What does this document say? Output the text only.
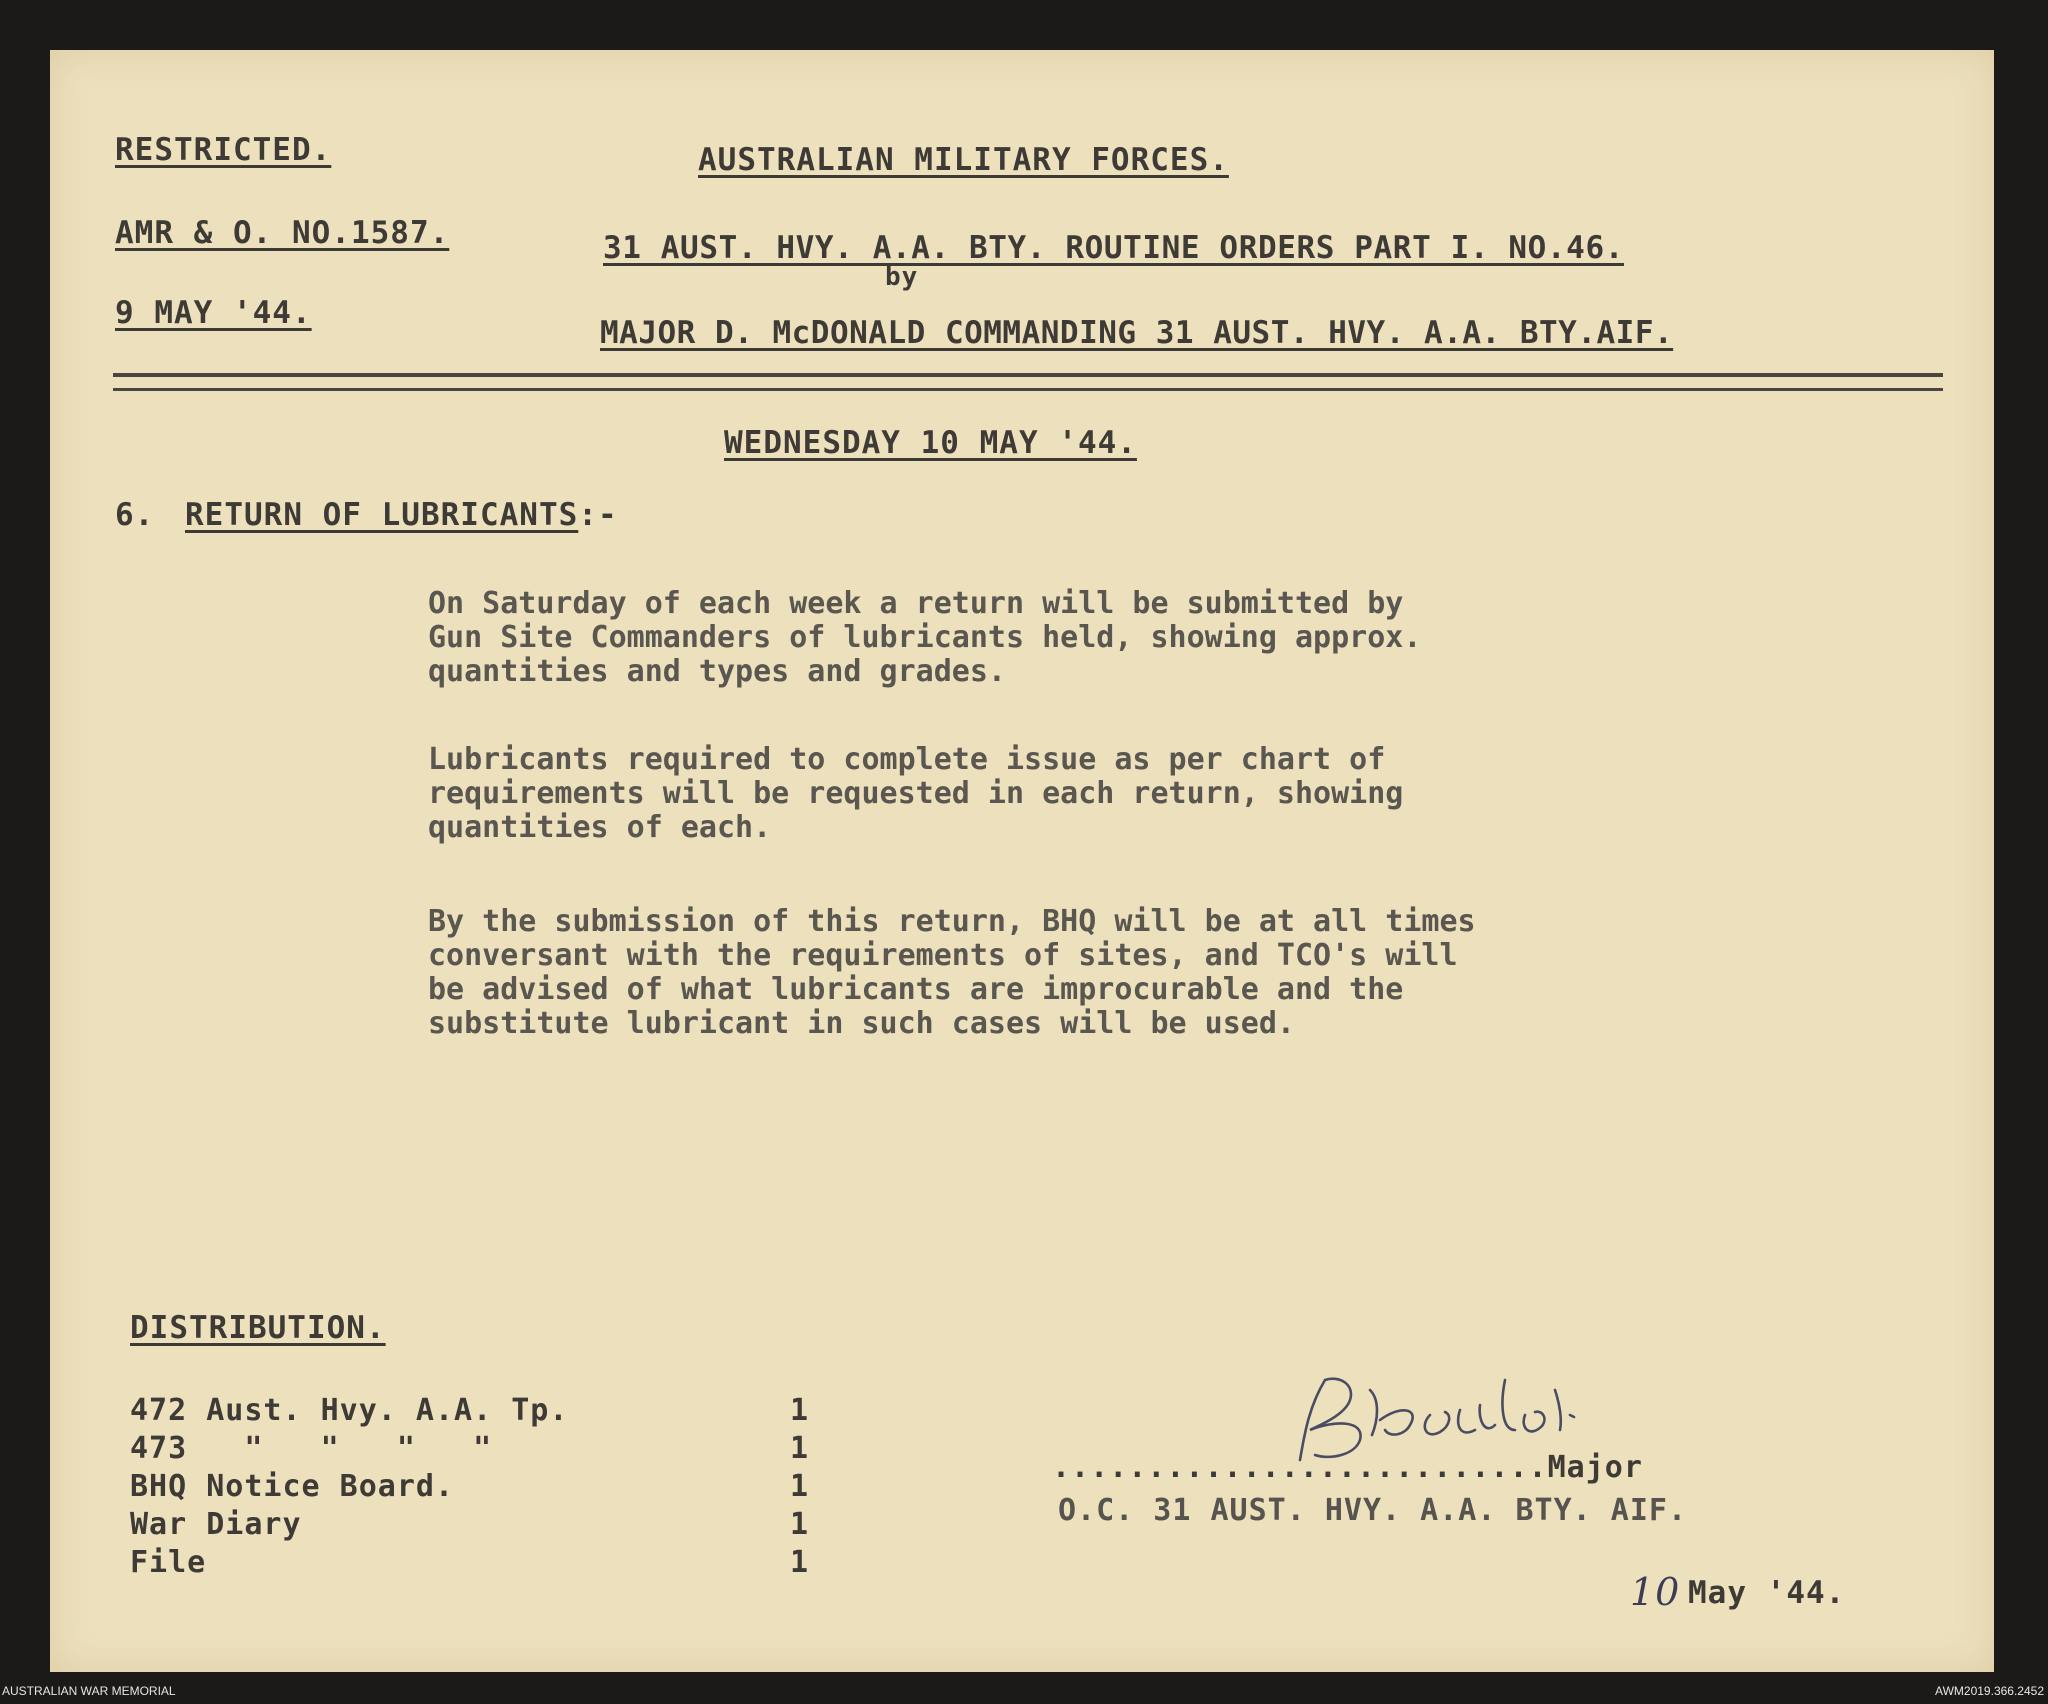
RESTRICTED.	AUSTRALIAN MILITARY FORCES.
AMR & O. NO.1587.	31 AUST. HVY. A.A. BTY. ROUTINE ORDERS PART I. NO.46.
by
9 MAY '44.
MAJOR D. McDONALD COMMANDING 31 AUST. HVY. A.A. BTY.AIF.
WEDNESDAY 10 MAY '44.
6. RETURN OF LUBRICANTS:-
On Saturday of each week a return will be submitted by
Gun Site Commanders of lubricants held, showing approx.
quantities and types and grades.
Lubricants required to complete issue as per chart of
requirements will be requested in each return, showing
quantities of each.
By the submission of this return, BHQ will be at all times
conversant with the requirements of sites, and TCO's will
be advised of what lubricants are improcurable and the
substitute lubricant in such cases will be used.
DISTRIBUTION.
472 Aust. Hvy. A.A. Tp.	1
473   "   "   "   "	1
BHQ Notice Board.	1
War Diary	1
File	1
..........................Major
O.C. 31 AUST. HVY. A.A. BTY. AIF.
10 May '44.
AUSTRALIAN WAR MEMORIAL	AWM2019.366.2452
